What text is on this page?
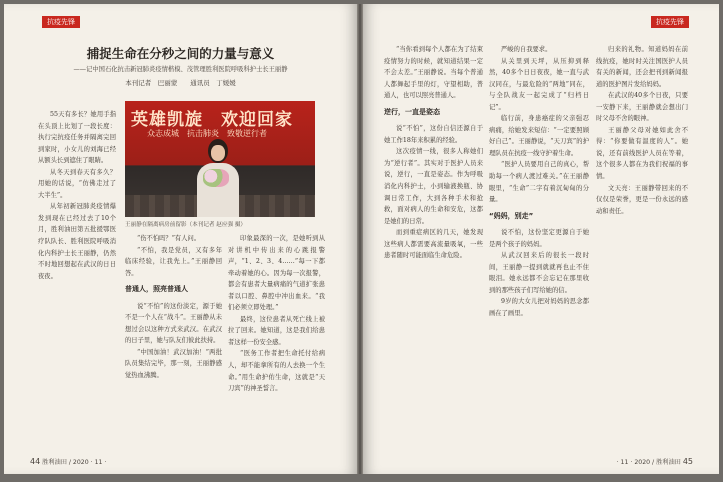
抗疫先锋
捕捉生命在分秒之间的力量与意义
——记中国石化抗击新冠肺炎疫情楷模、茂管理胜利医院呼吸科护士长王丽静
本刊记者　巴丽蒙　　通讯员　丁媛媛
英雄凯旋　欢迎回家
众志成城　抗击肺炎　致敬逆行者
王丽静在隔离病房前留影（本刊记者 赵应强 摄）

55天有多长？她用手指在头顶上比划了一段长度：执行完抗疫任务并隔离完回到家时，小女儿的刘海已经从额头长到遮住了眼睛。

从冬天到春天有多久？用她的话说，“仿佛走过了大半生”。

从年初新冠肺炎疫情爆发到现在已经过去了10个月，胜利油田第五批援鄂医疗队队长、胜利医院呼吸消化内科护士长王丽静，仍然不时地回想起在武汉的日日夜夜。

“伤不怕吗？”有人问。

“不怕，我是党员，又有多年临床经验，让我先上。”王丽静回答。

普通人，照亮普通人

说“不怕”的这份淡定，源于她不是一个人在“战斗”。王丽静从未想过会以这种方式来武汉。在武汉的日子里，她与队友们彼此扶持。

“中国加油！武汉加油！”两批队员集结完毕，那一刻，王丽静感觉热血沸腾。

印象最深的一次，是她听到从对讲机中传出来的心跳报警声，“1、2、3、4……”每一下都牵动着她的心。因为每一次报警，都会有患者大量病痛的气道扩张患者以口腔、鼻腔中冲出血来。“我们必须立即处理。”

最终，这位患者从死亡线上被拉了回来。她知道，这是我们给患者这样一份安全感。

“医务工作者把生命托付给病人，却不能拿所有的人去换一个生命。”用生命护佑生命，这就是“天刀宾”的神圣誓言。

44 胜利油田 / 2020 · 11 ·
抗疫先锋

“当你看到每个人都在为了结束疫情努力的时候，就知道结果一定不会太差。”王丽静说。当每个普通人都舞起手里的灯，守望相助，普通人，也可以照亮普通人。

逆行，一直是姿态

说“不怕”，这份自信还源自于她工作18年来积累的经验。

这次疫情一线，很多人称她们为“逆行者”。其实对于医护人员来说，逆行，一直是姿态。作为呼吸消化内科护士，小到输液换瓶、协调日常工作，大到各种手术和抢救，面对病人的生命和安危，这都是她们的日常。

而到重症病区的几天，她发现这些病人都需要高流量吸氧，一些患者随时可能面临生命危险。

严峻的自我要求。

从关里到天坪，从压抑到释然，40多个日日夜夜，她一直与武汉同在，与最危险的“两地”同在，与全队战友一起完成了“归档日记”。

临行前，身患癌症的父亲强忍病痛，给她发来短信：“一定要照顾好自己”。王丽静说，“天刀宾”的护理队员在抗疫一线守护着生命。

“医护人员要用自己的真心，帮助每一个病人渡过难关。”在王丽静眼里，“生命”二字有着沉甸甸的分量。

“妈妈，别走”

说不怕，这份坚定更源自于她是两个孩子的妈妈。

从武汉回来后的很长一段时间，王丽静一提到就就再也止不住眼泪。她永远都不会忘记在那里收到的那些孩子们写给她的信。

9岁的大女儿把对妈妈的思念都画在了画里。

归来的礼物。知道妈妈在前线抗疫，她时时关注国医护人员有关的新闻，还会把刊到新闻报道的医护图片发给妈妈。

在武汉的40多个日夜，只要一安静下来，王丽静就会想出门时父母不舍的眼神。

王丽静父母对她如此舍不得：“你要做有温度的人”。她说，还有前线医护人员在等着，这个很多人都在为我们祝福的事情。

文天亮：王丽静带回来的不仅仅是荣誉，更是一份永远的感动和责任。

· 11 · 2020 / 胜利油田 45
